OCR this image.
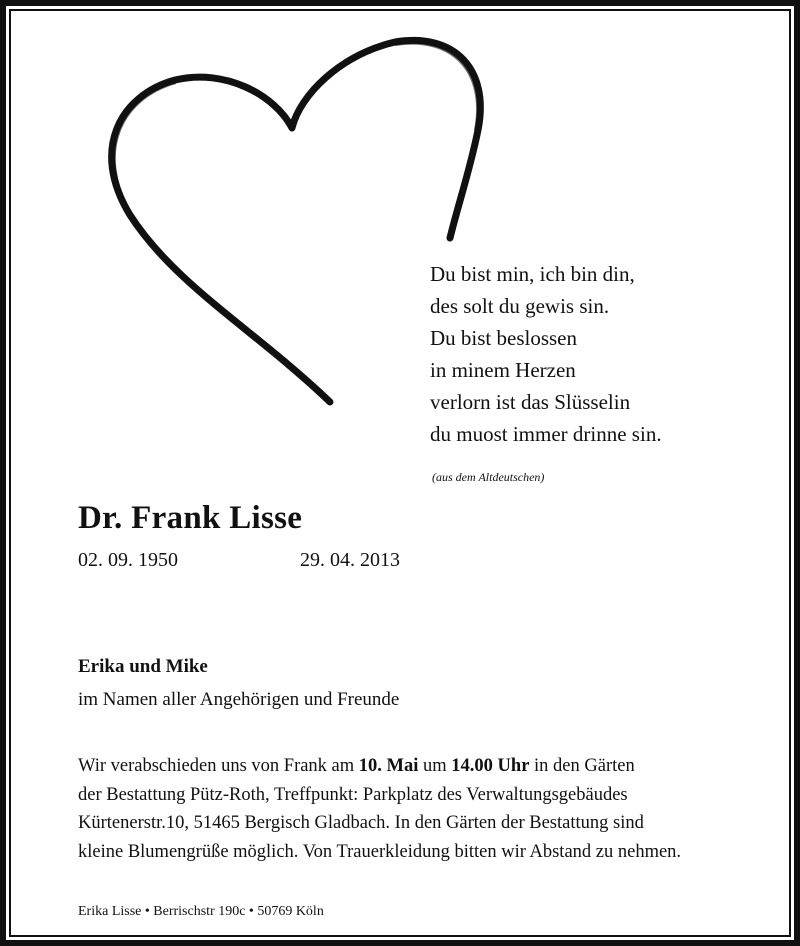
Du bist min, ich bin din,
des solt du gewis sin.
Du bist beslossen
in minem Herzen
verlorn ist das Slüsselin
du muost immer drinne sin.
(aus dem Altdeutschen)
Dr. Frank Lisse
02. 09. 1950	29. 04. 2013
Erika und Mike
im Namen aller Angehörigen und Freunde
Wir verabschieden uns von Frank am 10. Mai um 14.00 Uhr in den Gärten
der Bestattung Pütz-Roth, Treffpunkt: Parkplatz des Verwaltungsgebäudes
Kürtenerstr.10, 51465 Bergisch Gladbach. In den Gärten der Bestattung sind
kleine Blumengrüße möglich. Von Trauerkleidung bitten wir Abstand zu nehmen.
Erika Lisse • Berrischstr 190c • 50769 Köln
